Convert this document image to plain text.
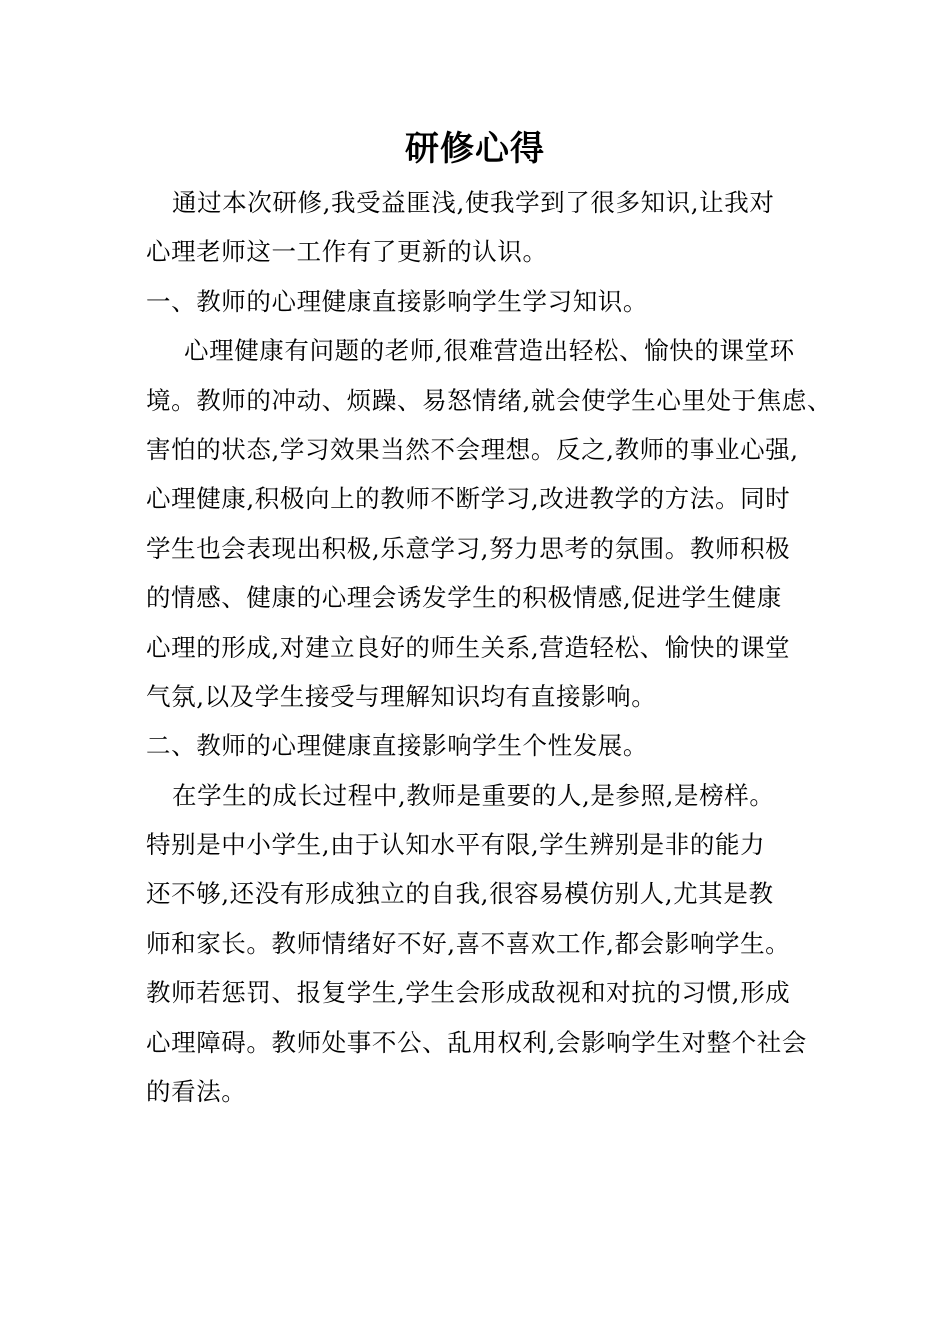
研修心得
通过本次研修,我受益匪浅,使我学到了很多知识,让我对
心理老师这一工作有了更新的认识。
一、教师的心理健康直接影响学生学习知识。
心理健康有问题的老师,很难营造出轻松、愉快的课堂环
境。教师的冲动、烦躁、易怒情绪,就会使学生心里处于焦虑、
害怕的状态,学习效果当然不会理想。反之,教师的事业心强,
心理健康,积极向上的教师不断学习,改进教学的方法。同时
学生也会表现出积极,乐意学习,努力思考的氛围。教师积极
的情感、健康的心理会诱发学生的积极情感,促进学生健康
心理的形成,对建立良好的师生关系,营造轻松、愉快的课堂
气氛,以及学生接受与理解知识均有直接影响。
二、教师的心理健康直接影响学生个性发展。
在学生的成长过程中,教师是重要的人,是参照,是榜样。
特别是中小学生,由于认知水平有限,学生辨别是非的能力
还不够,还没有形成独立的自我,很容易模仿别人,尤其是教
师和家长。教师情绪好不好,喜不喜欢工作,都会影响学生。
教师若惩罚、报复学生,学生会形成敌视和对抗的习惯,形成
心理障碍。教师处事不公、乱用权利,会影响学生对整个社会
的看法。
